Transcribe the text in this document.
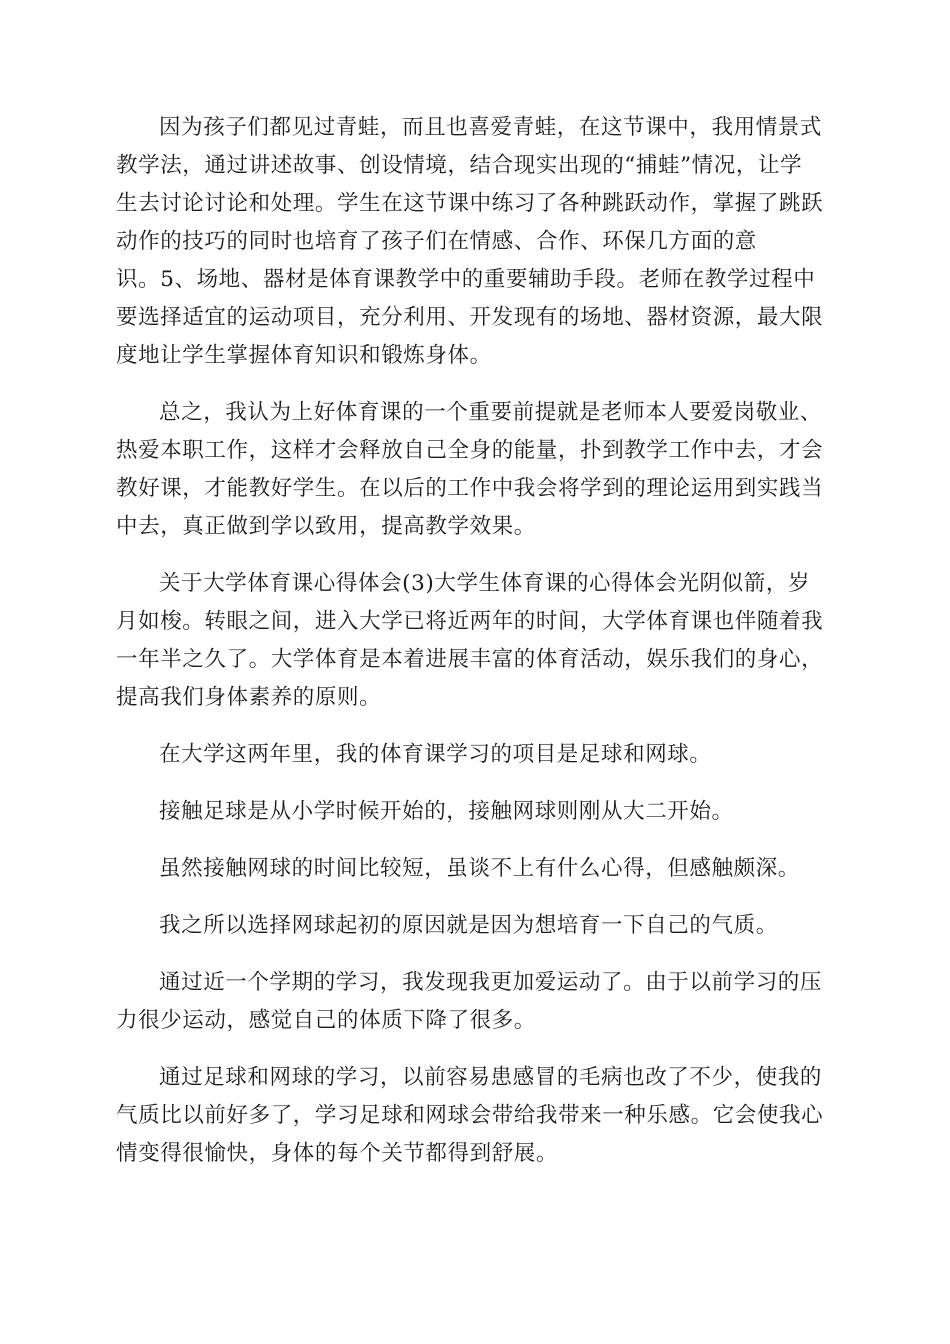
因为孩子们都见过青蛙，而且也喜爱青蛙，在这节课中，我用情景式
教学法，通过讲述故事、创设情境，结合现实出现的“捕蛙”情况，让学
生去讨论讨论和处理。学生在这节课中练习了各种跳跃动作，掌握了跳跃
动作的技巧的同时也培育了孩子们在情感、合作、环保几方面的意
识。5、场地、器材是体育课教学中的重要辅助手段。老师在教学过程中
要选择适宜的运动项目，充分利用、开发现有的场地、器材资源，最大限
度地让学生掌握体育知识和锻炼身体。

总之，我认为上好体育课的一个重要前提就是老师本人要爱岗敬业、
热爱本职工作，这样才会释放自己全身的能量，扑到教学工作中去，才会
教好课，才能教好学生。在以后的工作中我会将学到的理论运用到实践当
中去，真正做到学以致用，提高教学效果。

关于大学体育课心得体会(3)大学生体育课的心得体会光阴似箭，岁
月如梭。转眼之间，进入大学已将近两年的时间，大学体育课也伴随着我
一年半之久了。大学体育是本着进展丰富的体育活动，娱乐我们的身心，
提高我们身体素养的原则。

在大学这两年里，我的体育课学习的项目是足球和网球。

接触足球是从小学时候开始的，接触网球则刚从大二开始。

虽然接触网球的时间比较短，虽谈不上有什么心得，但感触颇深。

我之所以选择网球起初的原因就是因为想培育一下自己的气质。

通过近一个学期的学习，我发现我更加爱运动了。由于以前学习的压
力很少运动，感觉自己的体质下降了很多。

通过足球和网球的学习，以前容易患感冒的毛病也改了不少，使我的
气质比以前好多了，学习足球和网球会带给我带来一种乐感。它会使我心
情变得很愉快，身体的每个关节都得到舒展。
